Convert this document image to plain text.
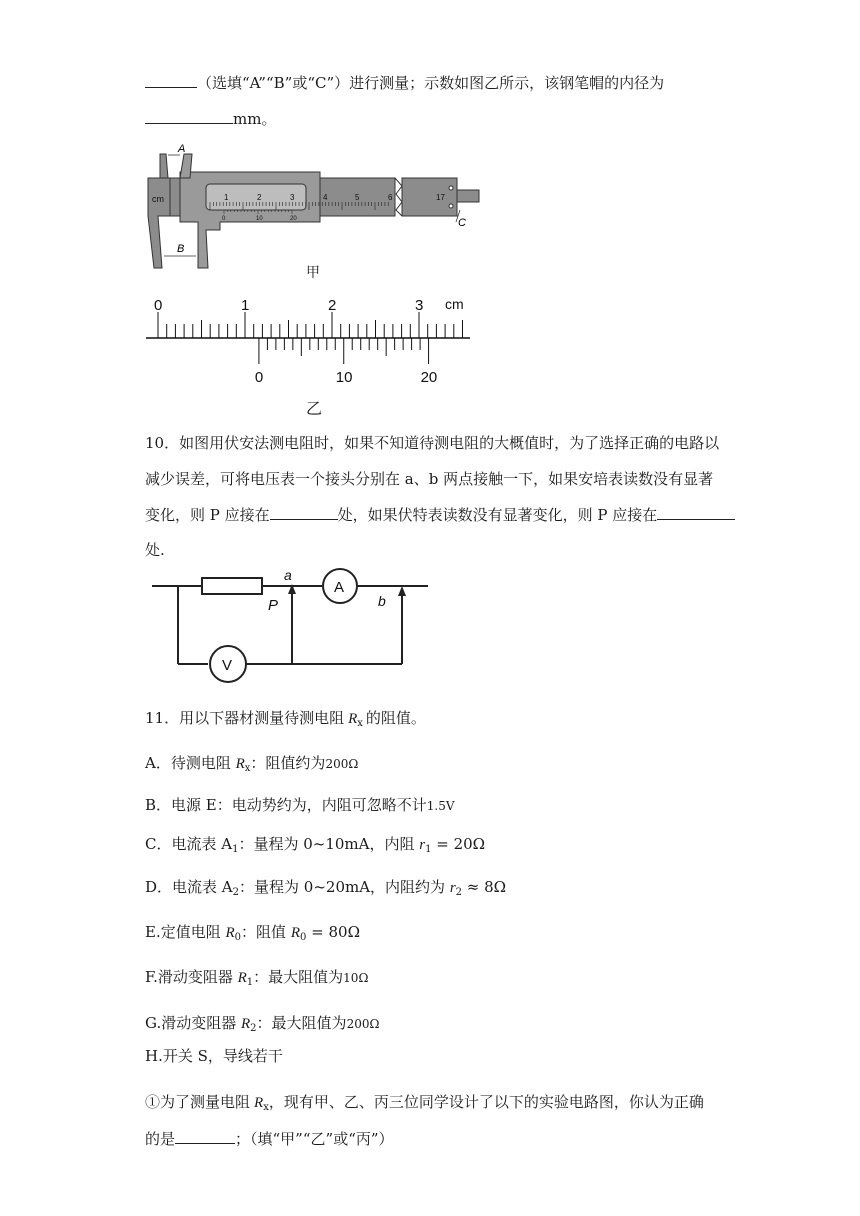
（选填“A”“B”或“C”）进行测量；示数如图乙所示，该钢笔帽的内径为
mm。
A
B
C
cm	1	2	3	4	5	6	17
0	10	20
甲
0	1	2	3 cm
0	10	20
乙
10．如图用伏安法测电阻时，如果不知道待测电阻的大概值时，为了选择正确的电路以
减少误差，可将电压表一个接头分别在 a、b 两点接触一下，如果安培表读数没有显著
变化，则 P 应接在	处，如果伏特表读数没有显著变化，则 P 应接在
处.
a
b
P
A
V
11．用以下器材测量待测电阻 $R_x$ 的阻值。
A．待测电阻 $R_x$：阻值约为200Ω
B．电源 E：电动势约为，内阻可忽略不计1.5V
C．电流表 $A_1$：量程为 0~10mA，内阻 $r_1 = 20\Omega$
D．电流表 $A_2$：量程为 0~20mA，内阻约为 $r_2 \approx 8\Omega$
E.定值电阻 $R_0$：阻值 $R_0 = 80\Omega$
F.滑动变阻器 $R_1$：最大阻值为10Ω
G.滑动变阻器 $R_2$：最大阻值为200Ω
H.开关 S，导线若干
①为了测量电阻 $R_x$，现有甲、乙、丙三位同学设计了以下的实验电路图，你认为正确
的是	；（填“甲”“乙”或“丙”）
